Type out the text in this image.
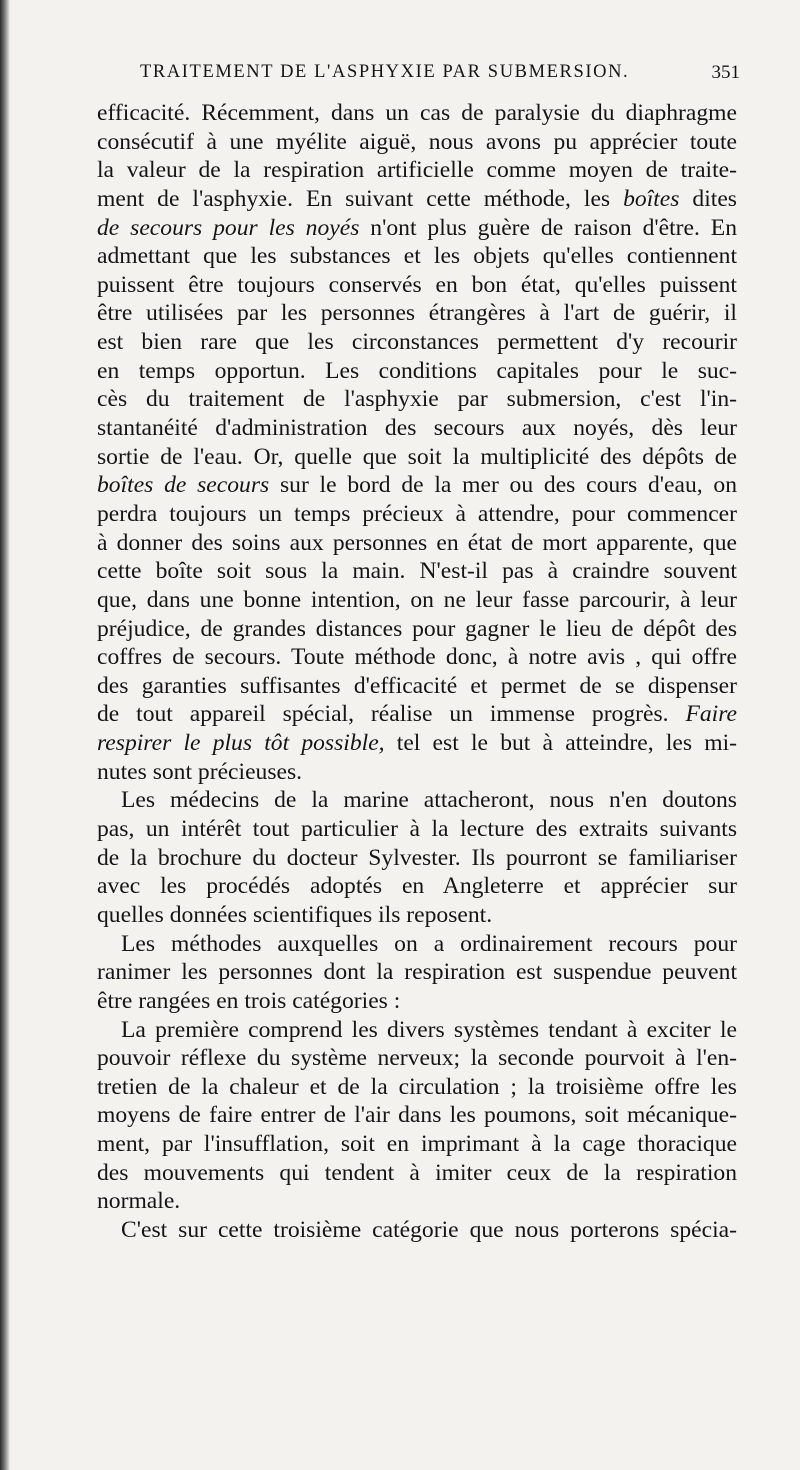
TRAITEMENT DE L'ASPHYXIE PAR SUBMERSION.	351
efficacité. Récemment, dans un cas de paralysie du diaphragme
consécutif à une myélite aiguë, nous avons pu apprécier toute
la valeur de la respiration artificielle comme moyen de traite-
ment de l'asphyxie. En suivant cette méthode, les boîtes dites
de secours pour les noyés n'ont plus guère de raison d'être. En
admettant que les substances et les objets qu'elles contiennent
puissent être toujours conservés en bon état, qu'elles puissent
être utilisées par les personnes étrangères à l'art de guérir, il
est bien rare que les circonstances permettent d'y recourir
en temps opportun. Les conditions capitales pour le suc-
cès du traitement de l'asphyxie par submersion, c'est l'in-
stantanéité d'administration des secours aux noyés, dès leur
sortie de l'eau. Or, quelle que soit la multiplicité des dépôts de
boîtes de secours sur le bord de la mer ou des cours d'eau, on
perdra toujours un temps précieux à attendre, pour commencer
à donner des soins aux personnes en état de mort apparente, que
cette boîte soit sous la main. N'est-il pas à craindre souvent
que, dans une bonne intention, on ne leur fasse parcourir, à leur
préjudice, de grandes distances pour gagner le lieu de dépôt des
coffres de secours. Toute méthode donc, à notre avis , qui offre
des garanties suffisantes d'efficacité et permet de se dispenser
de tout appareil spécial, réalise un immense progrès. Faire
respirer le plus tôt possible, tel est le but à atteindre, les mi-
nutes sont précieuses.
Les médecins de la marine attacheront, nous n'en doutons
pas, un intérêt tout particulier à la lecture des extraits suivants
de la brochure du docteur Sylvester. Ils pourront se familiariser
avec les procédés adoptés en Angleterre et apprécier sur
quelles données scientifiques ils reposent.
Les méthodes auxquelles on a ordinairement recours pour
ranimer les personnes dont la respiration est suspendue peuvent
être rangées en trois catégories :
La première comprend les divers systèmes tendant à exciter le
pouvoir réflexe du système nerveux; la seconde pourvoit à l'en-
tretien de la chaleur et de la circulation ; la troisième offre les
moyens de faire entrer de l'air dans les poumons, soit mécanique-
ment, par l'insufflation, soit en imprimant à la cage thoracique
des mouvements qui tendent à imiter ceux de la respiration
normale.
C'est sur cette troisième catégorie que nous porterons spécia-
